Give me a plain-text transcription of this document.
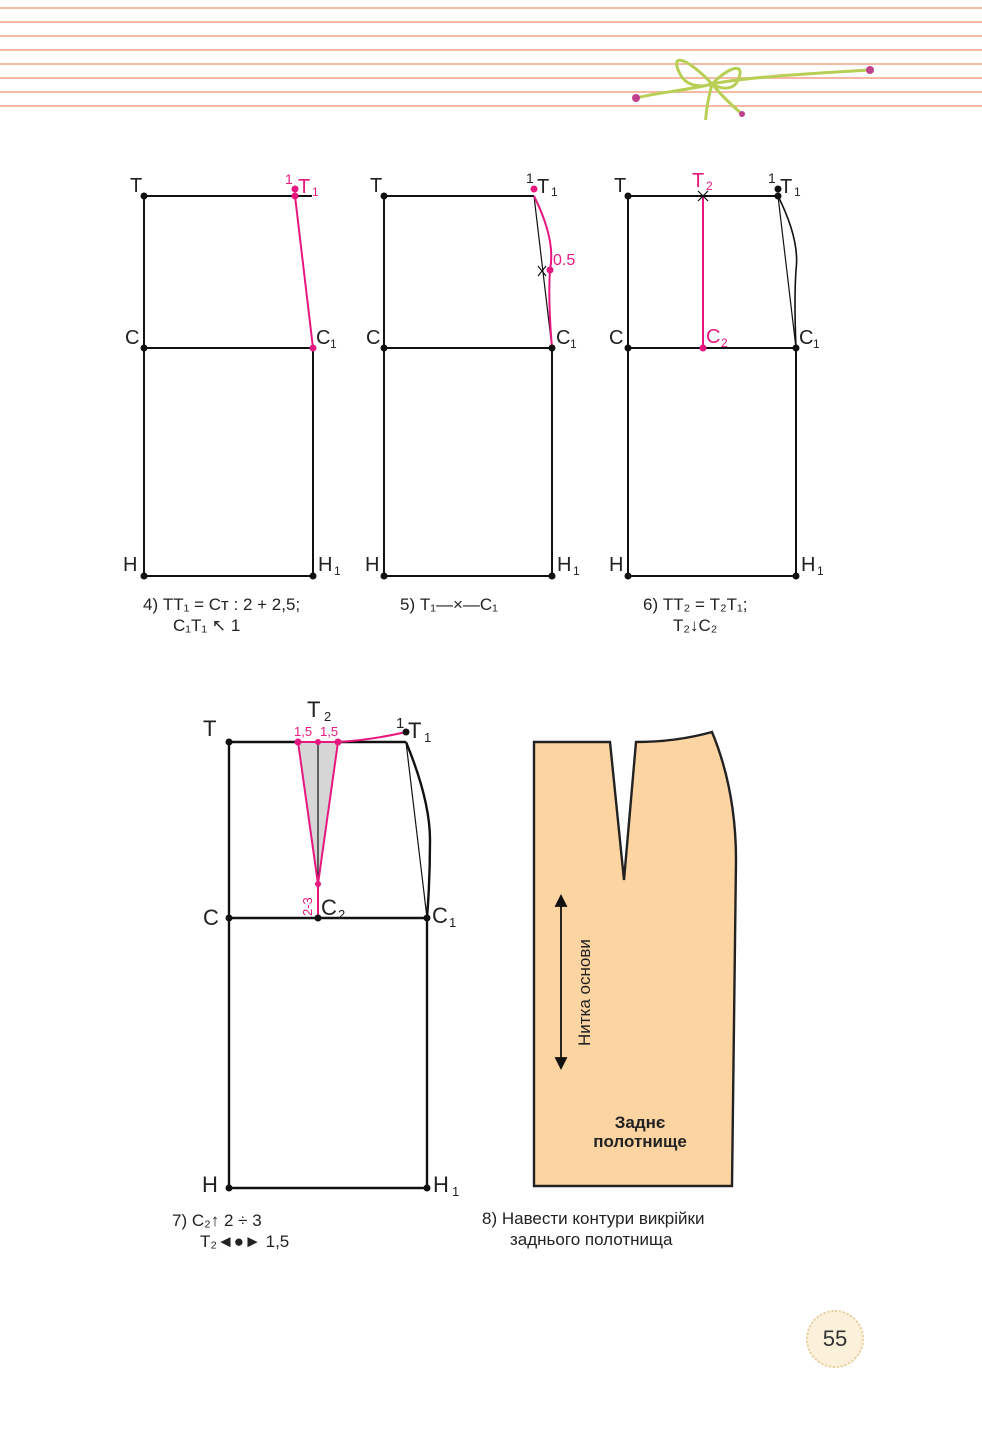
Т	1 Т 1
С	С 1
Н	Н 1
Т	1 Т 1
0.5
С	С 1
Н	Н 1
Т	Т 2	1 Т 1
С	С 2	С 1
Н	Н 1
Т
Т 2
1,5 1,5	1 Т 1
2-3
С	С 2	С 1
Н	Н 1
Нитка основи
Заднє
полотнище
4) ТТ₁ = Ст : 2 + 2,5;
С₁Т₁ ↖ 1
5) Т₁—×—С₁	6) ТТ₂ = Т₂Т₁;
Т₂↓С₂
7) С₂↑ 2 ÷ 3
Т₂◄●► 1,5
8) Навести контури викрійки
заднього полотнища
55
